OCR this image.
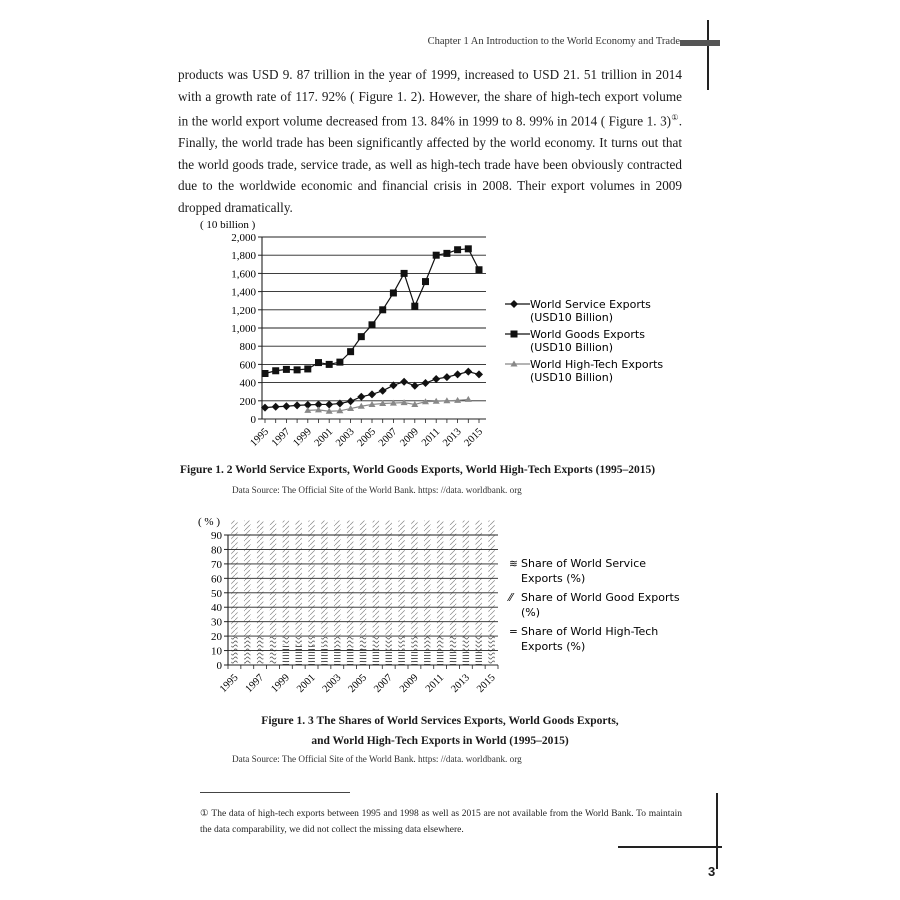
Chapter 1 An Introduction to the World Economy and Trade

products was USD 9. 87 trillion in the year of 1999, increased to USD 21. 51 trillion in 2014 with a growth rate of 117. 92% ( Figure 1. 2). However, the share of high-tech export volume in the world export volume decreased from 13. 84% in 1999 to 8. 99% in 2014 ( Figure 1. 3)①. Finally, the world trade has been significantly affected by the world economy. It turns out that the world goods trade, service trade, as well as high-tech trade have been obviously contracted due to the worldwide economic and financial crisis in 2008. Their export volumes in 2009 dropped dramatically.

( 10 billion )
0
200
400
600
800
1,000
1,200
1,400
1,600
1,800
2,000
1995
1997
1999
2001
2003
2005
2007
2009 2011
2013
2015
World Service Exports
(USD10 Billion)
World Goods Exports
(USD10 Billion)
World High-Tech Exports
(USD10 Billion)
Figure 1. 2 World Service Exports, World Goods Exports, World High-Tech Exports (1995–2015)
Data Source: The Official Site of the World Bank. https: //data. worldbank. org
( % )
0
10
20
30
40
50
60
70
80
90
1995 1997 1999 2001 2003 2005 2007 2009 2011 2013 2015
≋ Share of World Service
Exports (%)
⁄⁄ Share of World Good Exports
(%)
= Share of World High-Tech
Exports (%)
Figure 1. 3 The Shares of World Services Exports, World Goods Exports,
and World High-Tech Exports in World (1995–2015)
Data Source: The Official Site of the World Bank. https: //data. worldbank. org
① The data of high-tech exports between 1995 and 1998 as well as 2015 are not available from the World Bank. To maintain the data comparability, we did not collect the missing data elsewhere.
3
